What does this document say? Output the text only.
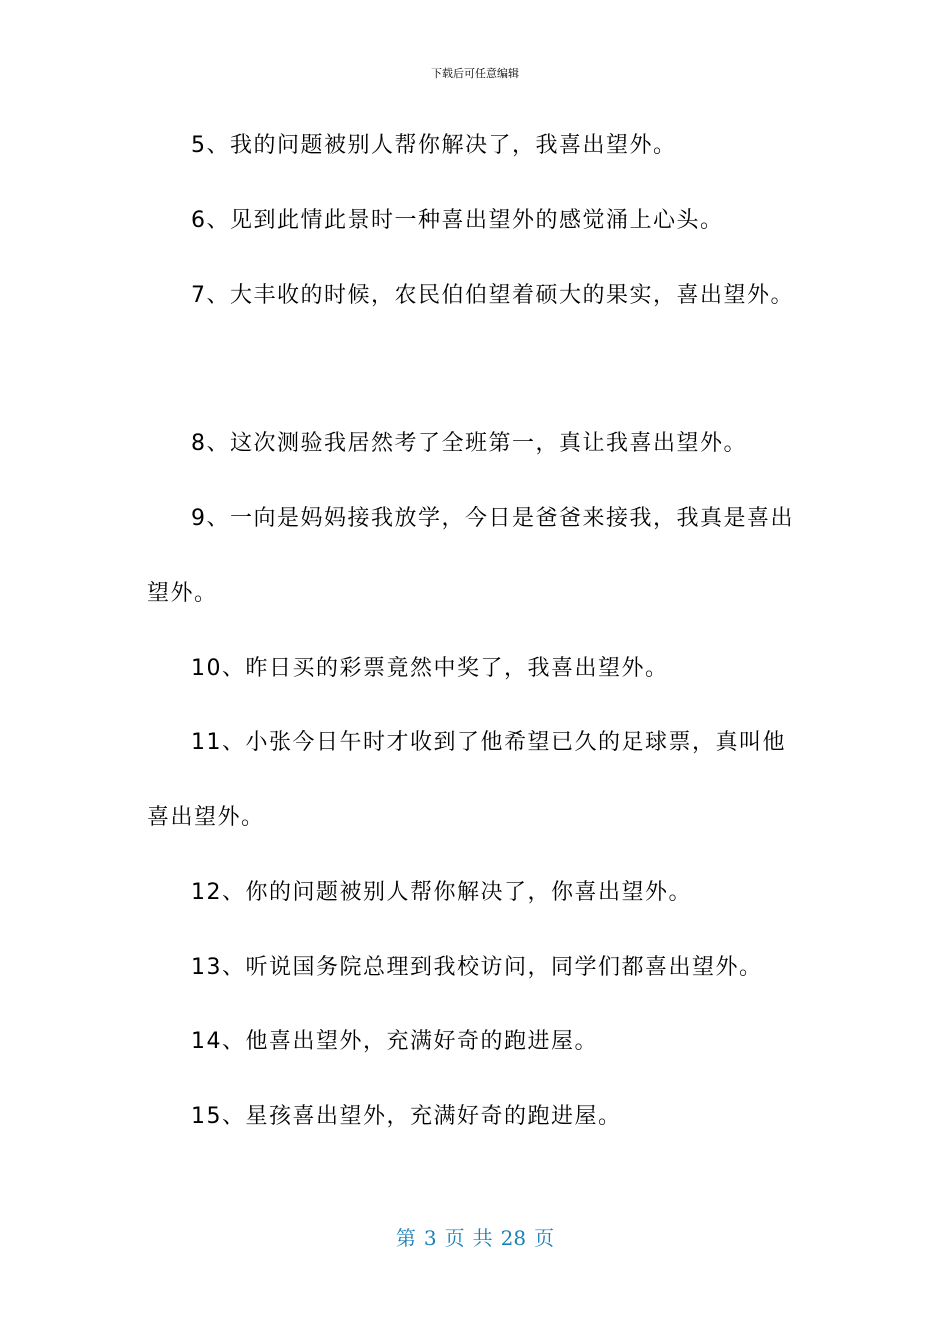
下载后可任意编辑
5、我的问题被别人帮你解决了，我喜出望外。
6、见到此情此景时一种喜出望外的感觉涌上心头。
7、大丰收的时候，农民伯伯望着硕大的果实，喜出望外。
8、这次测验我居然考了全班第一，真让我喜出望外。
9、一向是妈妈接我放学，今日是爸爸来接我，我真是喜出
望外。
10、昨日买的彩票竟然中奖了，我喜出望外。
11、小张今日午时才收到了他希望已久的足球票，真叫他
喜出望外。
12、你的问题被别人帮你解决了，你喜出望外。
13、听说国务院总理到我校访问，同学们都喜出望外。
14、他喜出望外，充满好奇的跑进屋。
15、星孩喜出望外，充满好奇的跑进屋。
第 3 页 共 28 页
